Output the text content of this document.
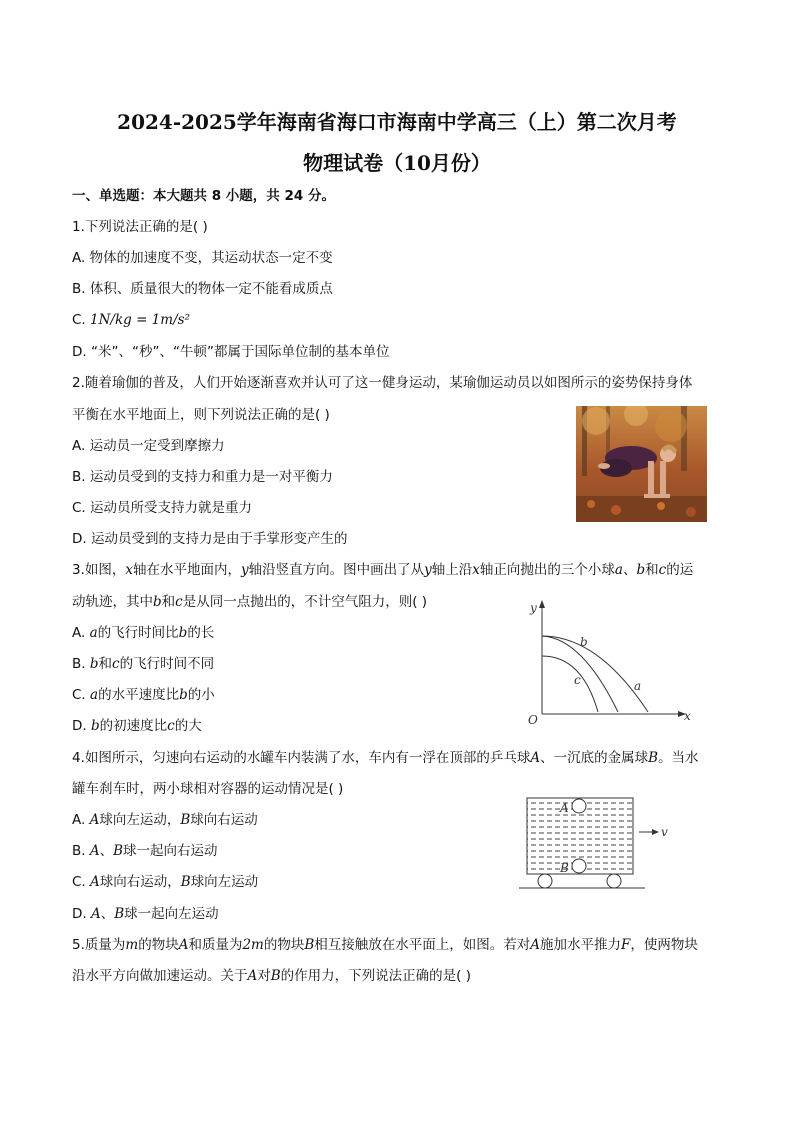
2024-2025学年海南省海口市海南中学高三（上）第二次月考
物理试卷（10月份）
一、单选题：本大题共 8 小题，共 24 分。
1.下列说法正确的是( )
A. 物体的加速度不变，其运动状态一定不变
B. 体积、质量很大的物体一定不能看成质点
C. 1N/kg = 1m/s²
D. “米”、“秒”、“牛顿”都属于国际单位制的基本单位
2.随着瑜伽的普及，人们开始逐渐喜欢并认可了这一健身运动，某瑜伽运动员以如图所示的姿势保持身体
平衡在水平地面上，则下列说法正确的是( )
A. 运动员一定受到摩擦力
B. 运动员受到的支持力和重力是一对平衡力
C. 运动员所受支持力就是重力
D. 运动员受到的支持力是由于手掌形变产生的
3.如图，x轴在水平地面内，y轴沿竖直方向。图中画出了从y轴上沿x轴正向抛出的三个小球a、b和c的运
动轨迹，其中b和c是从同一点抛出的，不计空气阻力，则( )
A. a的飞行时间比b的长
B. b和c的飞行时间不同
C. a的水平速度比b的小
D. b的初速度比c的大
y
x
O
a
b
c
4.如图所示，匀速向右运动的水罐车内装满了水，车内有一浮在顶部的乒乓球A、一沉底的金属球B。当水
罐车刹车时，两小球相对容器的运动情况是( )
A. A球向左运动，B球向右运动
B. A、B球一起向右运动
C. A球向右运动，B球向左运动
D. A、B球一起向左运动
A
B
v
5.质量为m的物块A和质量为2m的物块B相互接触放在水平面上，如图。若对A施加水平推力F，使两物块
沿水平方向做加速运动。关于A对B的作用力，下列说法正确的是( )
